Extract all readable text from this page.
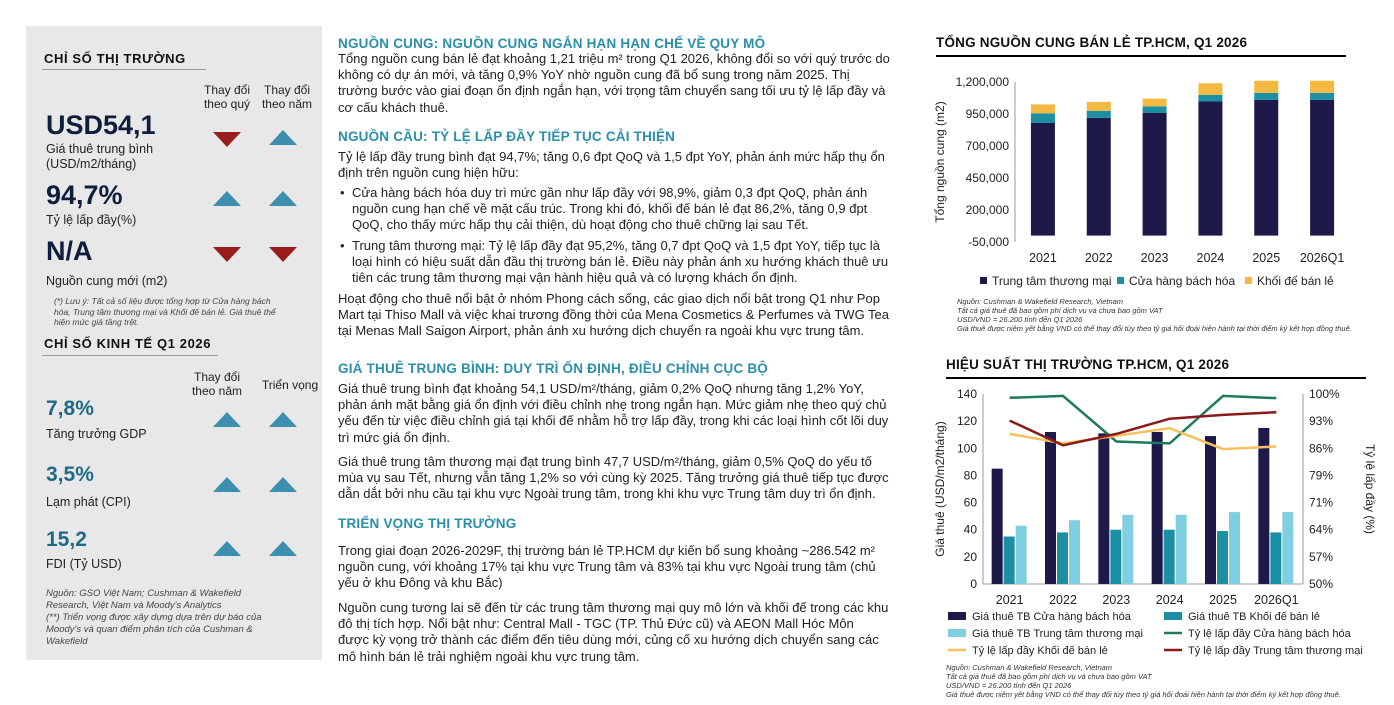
CHỈ SỐ THỊ TRƯỜNG
Thay đổi
theo quý
Thay đổi
theo năm
USD54,1
Giá thuê trung bình
(USD/m2/tháng)
94,7%
Tỷ lệ lấp đầy(%)
N/A
Nguồn cung mới (m2)
(*) Lưu ý: Tất cả số liệu được tổng hợp từ Cửa hàng bách
hóa, Trung tâm thương mại và Khối đế bán lẻ. Giá thuê thể
hiện mức giá tầng trệt.
CHỈ SỐ KINH TẾ Q1 2026
Thay đổi
theo năm	Triển vọng
7,8%
Tăng trưởng GDP
3,5%
Lạm phát (CPI)
15,2
FDI (Tỷ USD)
Nguồn: GSO Việt Nam; Cushman & Wakefield
Research, Việt Nam và Moody's Analytics
(**) Triển vọng được xây dựng dựa trên dự báo của
Moody's và quan điểm phân tích của Cushman &
Wakefield
NGUỒN CUNG: NGUỒN CUNG NGẮN HẠN HẠN CHẾ VỀ QUY MÔ
Tổng nguồn cung bán lẻ đạt khoảng 1,21 triệu m² trong Q1 2026, không đổi so với quý trước do
không có dự án mới, và tăng 0,9% YoY nhờ nguồn cung đã bổ sung trong năm 2025. Thị
trường bước vào giai đoạn ổn định ngắn hạn, với trọng tâm chuyển sang tối ưu tỷ lệ lấp đầy và
cơ cấu khách thuê.
NGUỒN CẦU: TỶ LỆ LẤP ĐẦY TIẾP TỤC CẢI THIỆN
Tỷ lệ lấp đầy trung bình đạt 94,7%; tăng 0,6 đpt QoQ và 1,5 đpt YoY, phản ánh mức hấp thụ ổn
định trên nguồn cung hiện hữu:
• Cửa hàng bách hóa duy trì mức gần như lấp đầy với 98,9%, giảm 0,3 đpt QoQ, phản ánh
nguồn cung hạn chế về mặt cấu trúc. Trong khi đó, khối đế bán lẻ đạt 86,2%, tăng 0,9 đpt
QoQ, cho thấy mức hấp thụ cải thiện, dù hoạt động cho thuê chững lại sau Tết.
• Trung tâm thương mại: Tỷ lệ lấp đầy đạt 95,2%, tăng 0,7 đpt QoQ và 1,5 đpt YoY, tiếp tục là
loại hình có hiệu suất dẫn đầu thị trường bán lẻ. Điều này phản ánh xu hướng khách thuê ưu
tiên các trung tâm thương mại vận hành hiệu quả và có lượng khách ổn định.
Hoạt động cho thuê nổi bật ở nhóm Phong cách sống, các giao dịch nổi bật trong Q1 như Pop
Mart tại Thiso Mall và việc khai trương đồng thời của Mena Cosmetics & Perfumes và TWG Tea
tại Menas Mall Saigon Airport, phản ánh xu hướng dịch chuyển ra ngoài khu vực trung tâm.
GIÁ THUÊ TRUNG BÌNH: DUY TRÌ ỔN ĐỊNH, ĐIỀU CHỈNH CỤC BỘ
Giá thuê trung bình đạt khoảng 54,1 USD/m²/tháng, giảm 0,2% QoQ nhưng tăng 1,2% YoY,
phản ánh mặt bằng giá ổn định với điều chỉnh nhẹ trong ngắn hạn. Mức giảm nhẹ theo quý chủ
yếu đến từ việc điều chỉnh giá tại khối đế nhằm hỗ trợ lấp đầy, trong khi các loại hình cốt lõi duy
trì mức giá ổn định.
Giá thuê trung tâm thương mại đạt trung bình 47,7 USD/m²/tháng, giảm 0,5% QoQ do yếu tố
mùa vụ sau Tết, nhưng vẫn tăng 1,2% so với cùng kỳ 2025. Tăng trưởng giá thuê tiếp tục được
dẫn dắt bởi nhu cầu tại khu vực Ngoài trung tâm, trong khi khu vực Trung tâm duy trì ổn định.
TRIỂN VỌNG THỊ TRƯỜNG
Trong giai đoạn 2026-2029F, thị trường bán lẻ TP.HCM dự kiến bổ sung khoảng ~286.542 m²
nguồn cung, với khoảng 17% tại khu vực Trung tâm và 83% tại khu vực Ngoài trung tâm (chủ
yếu ở khu Đông và khu Bắc)
Nguồn cung tương lai sẽ đến từ các trung tâm thương mại quy mô lớn và khối đế trong các khu
đô thị tích hợp. Nổi bật như: Central Mall - TGC (TP. Thủ Đức cũ) và AEON Mall Hóc Môn
được kỳ vọng trở thành các điểm đến tiêu dùng mới, củng cố xu hướng dịch chuyển sang các
mô hình bán lẻ trải nghiệm ngoài khu vực trung tâm.
TỔNG NGUỒN CUNG BÁN LẺ TP.HCM, Q1 2026
-50,000
200,000
450,000
700,000
950,000
1,200,000
Tổng nguồn cung (m2)
2021 2022 2023 2024 2025 2026Q1
Trung tâm thương mại Cửa hàng bách hóa Khối đế bán lẻ
Nguồn: Cushman & Wakefield Research, Vietnam
Tất cả giá thuê đã bao gồm phí dịch vụ và chưa bao gồm VAT
USD/VND = 26.200 tính đến Q1 2026
Giá thuê được niêm yết bằng VND có thể thay đổi tùy theo tỷ giá hối đoái hiện hành tại thời điểm ký kết hợp đồng thuê.
HIỆU SUẤT THỊ TRƯỜNG TP.HCM, Q1 2026
0
20
40
60
80
100
120
140
50%
57%
64%
71%
79%
86%
93%
100%
Giá thuê (USD/m2/tháng)	Tỷ lệ lấp đầy (%)
2021 2022 2023 2024 2025 2026Q1
Giá thuê TB Cửa hàng bách hóa	Giá thuê TB Khối đế bán lẻ
Giá thuê TB Trung tâm thương mại	Tỷ lệ lấp đầy Cửa hàng bách hóa
Tỷ lệ lấp đầy Khối đế bán lẻ	Tỷ lệ lấp đầy Trung tâm thương mại
Nguồn: Cushman & Wakefield Research, Vietnam
Tất cả giá thuê đã bao gồm phí dịch vụ và chưa bao gồm VAT
USD/VND = 26.200 tính đến Q1 2026
Giá thuê được niêm yết bằng VND có thể thay đổi tùy theo tỷ giá hối đoái hiện hành tại thời điểm ký kết hợp đồng thuê.
